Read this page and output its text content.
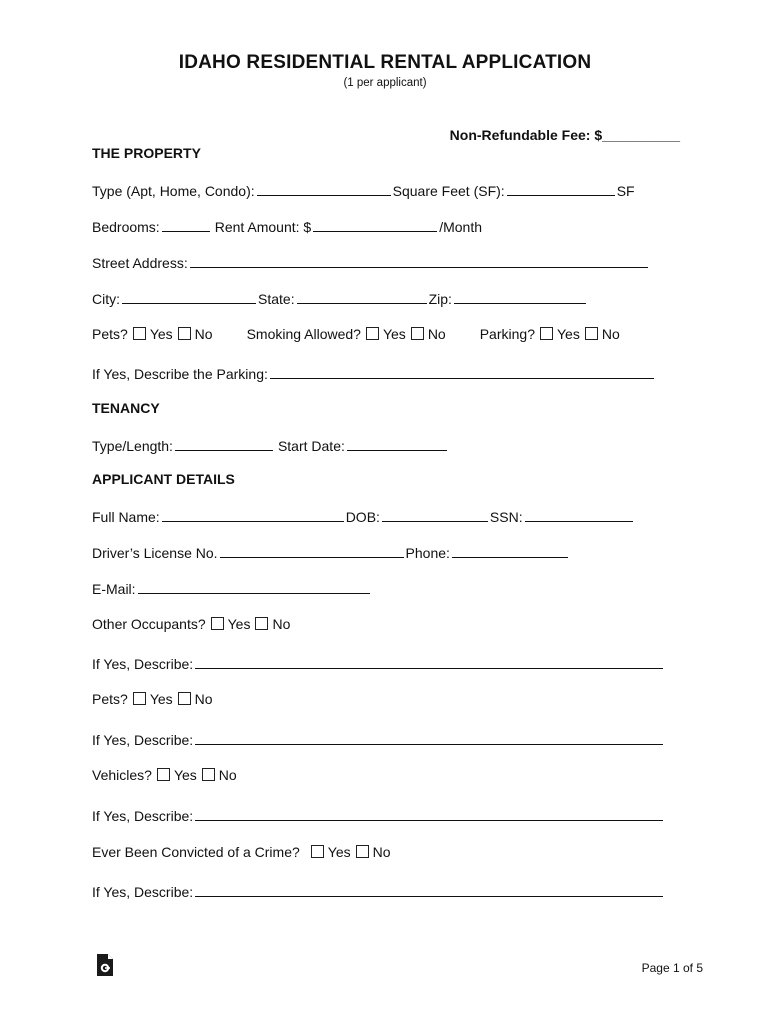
IDAHO RESIDENTIAL RENTAL APPLICATION
(1 per applicant)
Non-Refundable Fee: $__________
THE PROPERTY
Type (Apt, Home, Condo):	Square Feet (SF):	SF
Bedrooms:	Rent Amount: $	/Month
Street Address:
City:	State:	Zip:
Pets? Yes No Smoking Allowed? Yes No Parking? Yes No
If Yes, Describe the Parking:
TENANCY
Type/Length:	Start Date:
APPLICANT DETAILS
Full Name:	DOB:	SSN:
Driver’s License No.	Phone:
E-Mail:
Other Occupants? Yes No
If Yes, Describe:
Pets? Yes No
If Yes, Describe:
Vehicles? Yes No
If Yes, Describe:
Ever Been Convicted of a Crime? Yes No
If Yes, Describe:
Page 1 of 5
